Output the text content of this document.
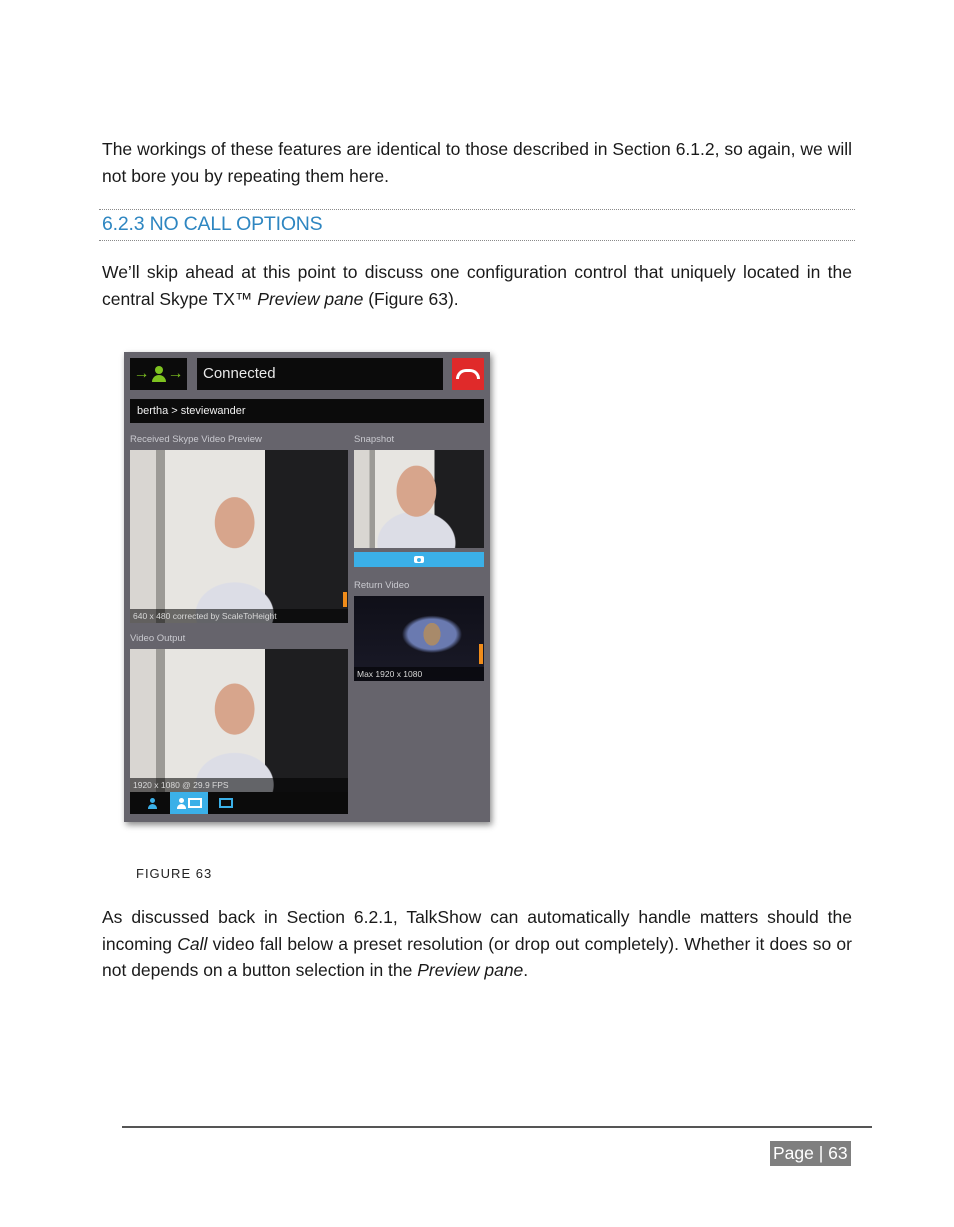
The workings of these features are identical to those described in Section 6.1.2, so again, we will not bore you by repeating them here.

6.2.3 NO CALL OPTIONS

We’ll skip ahead at this point to discuss one configuration control that uniquely located in the central Skype TX™ Preview pane (Figure 63).

→ →	Connected
bertha > steviewander
Received Skype Video Preview
640 x 480 corrected by ScaleToHeight
Snapshot
Return Video
Max 1920 x 1080
Video Output
1920 x 1080 @ 29.9 FPS
FIGURE 63

As discussed back in Section 6.2.1, TalkShow can automatically handle matters should the incoming Call video fall below a preset resolution (or drop out completely). Whether it does so or not depends on a button selection in the Preview pane.

Page | 63
